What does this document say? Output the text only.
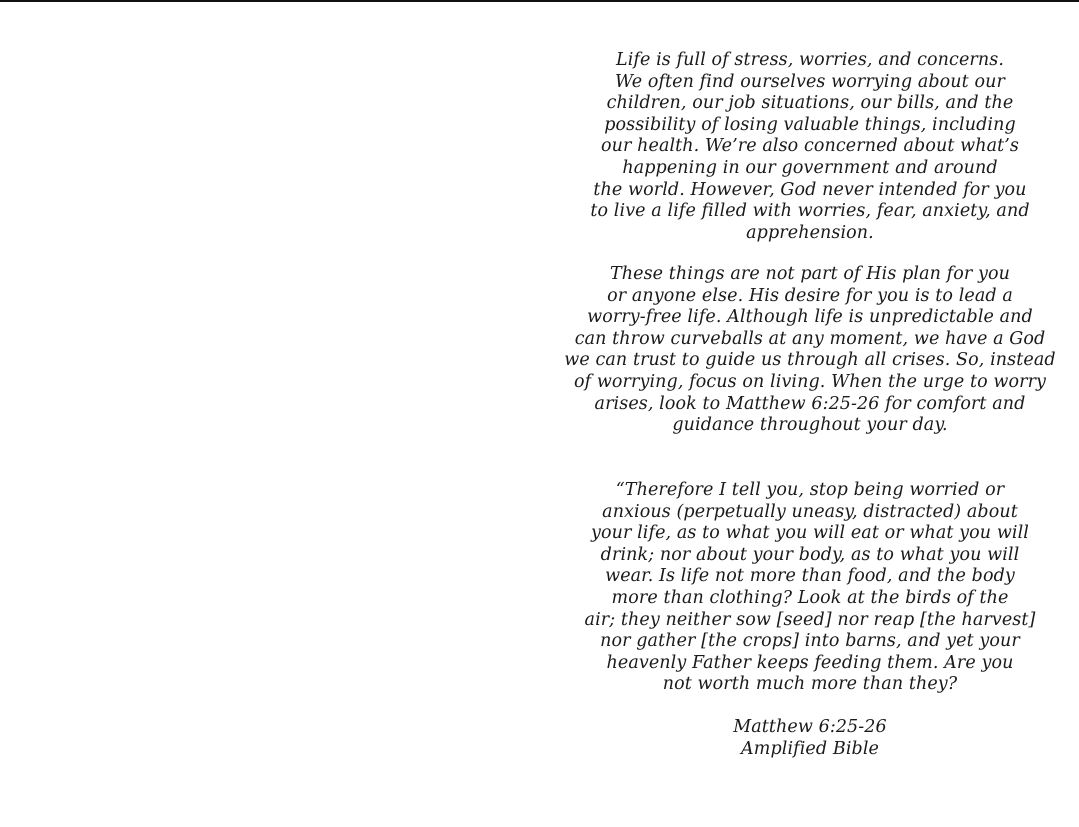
Life is full of stress, worries, and concerns.
We often find ourselves worrying about our
children, our job situations, our bills, and the
possibility of losing valuable things, including
our health. We’re also concerned about what’s
happening in our government and around
the world. However, God never intended for you
to live a life filled with worries, fear, anxiety, and
apprehension.

These things are not part of His plan for you
or anyone else. His desire for you is to lead a
worry-free life. Although life is unpredictable and
can throw curveballs at any moment, we have a God
we can trust to guide us through all crises. So, instead
of worrying, focus on living. When the urge to worry
arises, look to Matthew 6:25-26 for comfort and
guidance throughout your day.

“Therefore I tell you, stop being worried or
anxious (perpetually uneasy, distracted) about
your life, as to what you will eat or what you will
drink; nor about your body, as to what you will
wear. Is life not more than food, and the body
more than clothing? Look at the birds of the
air; they neither sow [seed] nor reap [the harvest]
nor gather [the crops] into barns, and yet your
heavenly Father keeps feeding them. Are you
not worth much more than they?

Matthew 6:25-26
Amplified Bible
